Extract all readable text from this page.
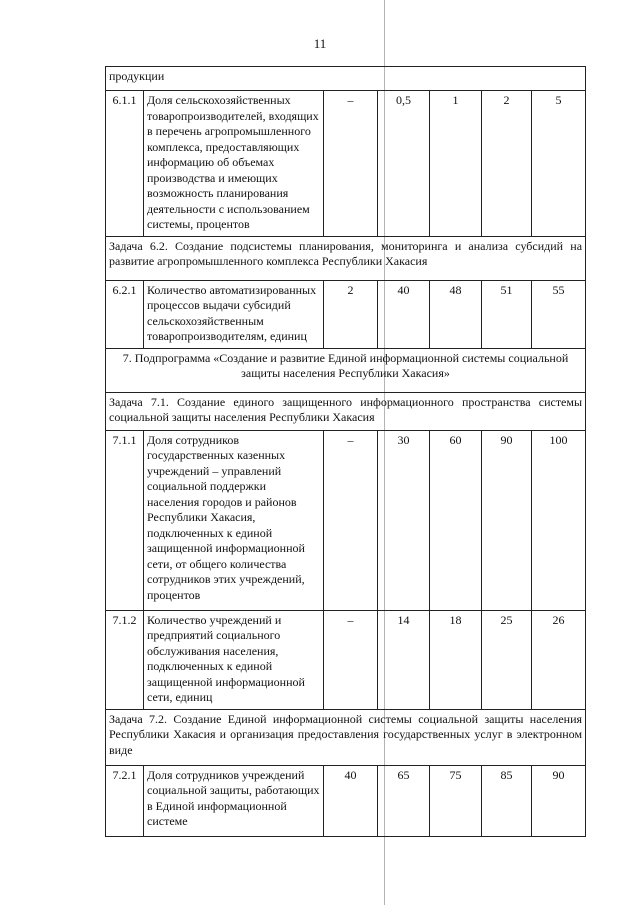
11
продукции						
6.1.1	Доля сельскохозяйственных товаропроизводителей, входящих в перечень агропромышленного комплекса, предоставляющих информацию об объемах производства и имеющих возможность планирования деятельности с использованием системы, процентов	–	0,5	1	2	5
Задача 6.2. Создание подсистемы планирования, мониторинга и анализа субсидий на развитие агропромышленного комплекса Республики Хакасия						
6.2.1	Количество автоматизированных процессов выдачи субсидий сельскохозяйственным товаропроизводителям, единиц	2	40	48	51	55
7. Подпрограмма «Создание и развитие Единой информационной системы социальной защиты населения Республики Хакасия»						
Задача 7.1. Создание единого защищенного информационного пространства системы социальной защиты населения Республики Хакасия						
7.1.1	Доля сотрудников государственных казенных учреждений – управлений социальной поддержки населения городов и районов Республики Хакасия, подключенных к единой защищенной информационной сети, от общего количества сотрудников этих учреждений, процентов	–	30	60	90	100
7.1.2	Количество учреждений и предприятий социального обслуживания населения, подключенных к единой защищенной информационной сети, единиц	–	14	18	25	26
Задача 7.2. Создание Единой информационной системы социальной защиты населения Республики Хакасия и организация предоставления государственных услуг в электронном виде						
7.2.1	Доля сотрудников учреждений социальной защиты, работающих в Единой информационной системе	40	65	75	85	90
